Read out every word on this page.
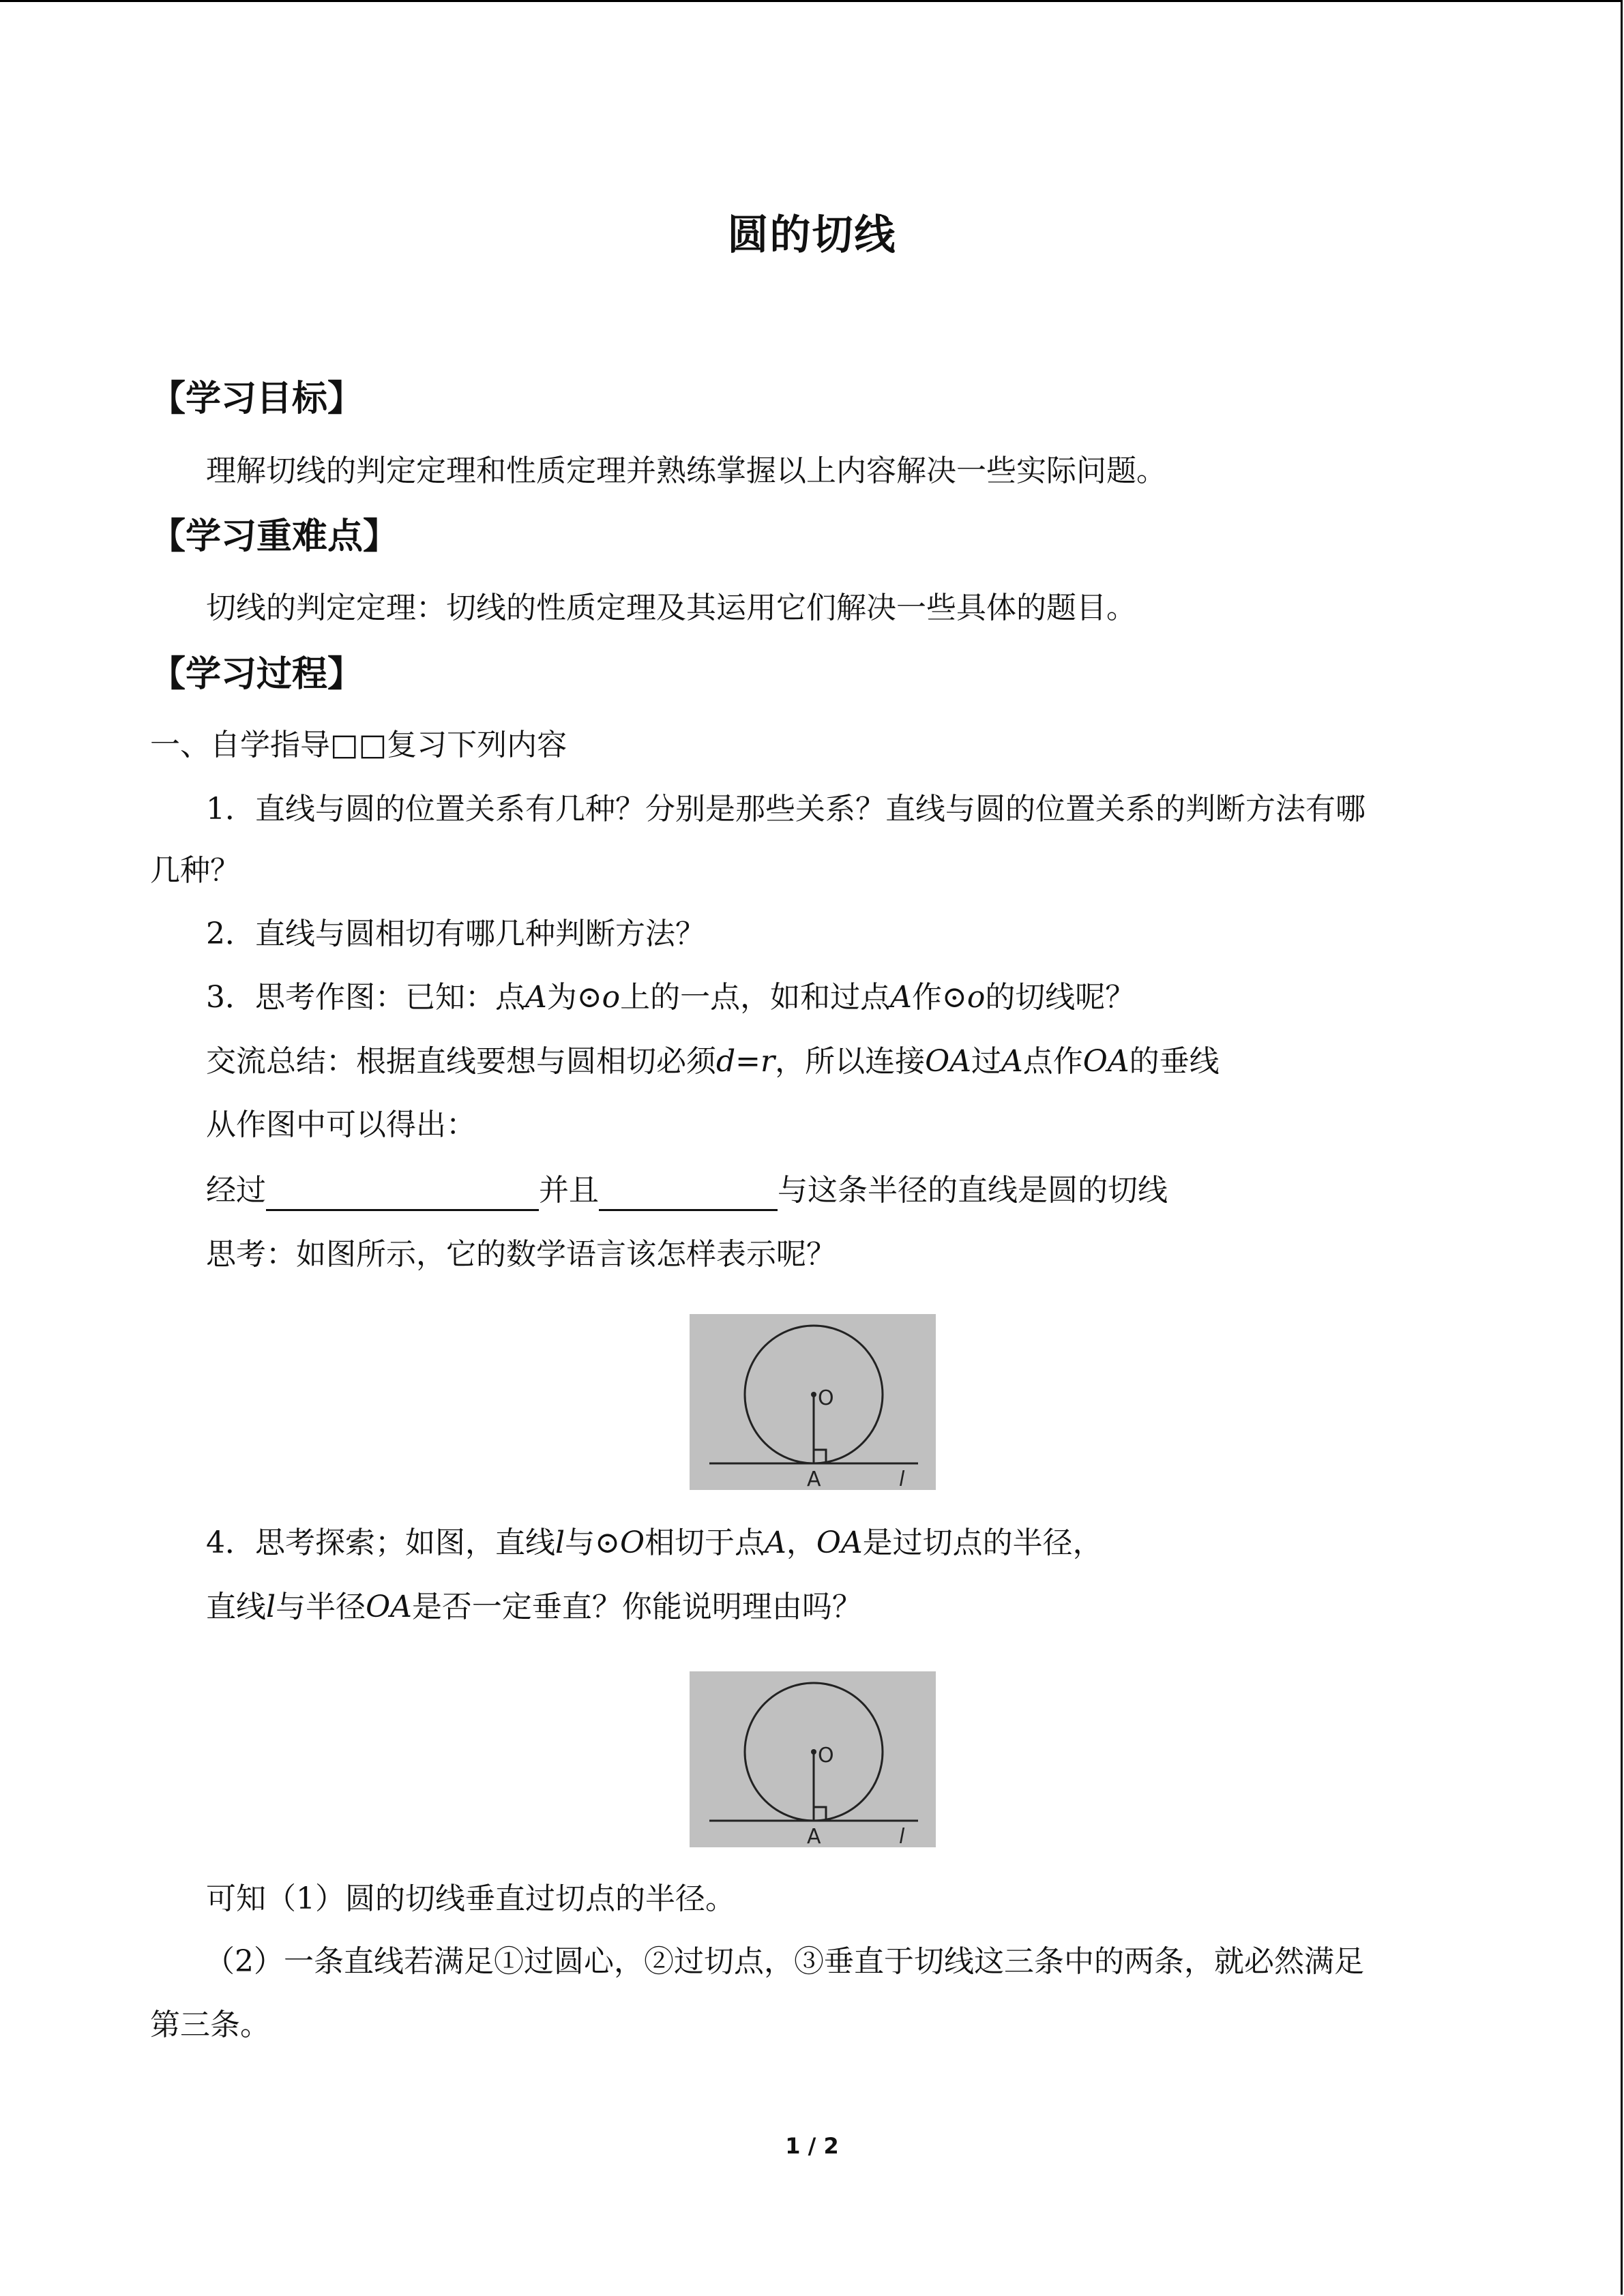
圆的切线
【学习目标】
理解切线的判定定理和性质定理并熟练掌握以上内容解决一些实际问题。
【学习重难点】
切线的判定定理：切线的性质定理及其运用它们解决一些具体的题目。
【学习过程】
一、自学指导□□复习下列内容
1．直线与圆的位置关系有几种？分别是那些关系？直线与圆的位置关系的判断方法有哪
几种？
2．直线与圆相切有哪几种判断方法？
3．思考作图：已知：点A为⊙o上的一点，如和过点A作⊙o的切线呢？
交流总结：根据直线要想与圆相切必须d=r，所以连接OA过A点作OA的垂线
从作图中可以得出：
经过	并且	与这条半径的直线是圆的切线
思考：如图所示，它的数学语言该怎样表示呢？
O
A	l
4．思考探索；如图，直线l与⊙O相切于点A，OA是过切点的半径，
直线l与半径OA是否一定垂直？你能说明理由吗？
O
A	l
可知（1）圆的切线垂直过切点的半径。
（2）一条直线若满足①过圆心，②过切点，③垂直于切线这三条中的两条，就必然满足
第三条。
1 / 2
